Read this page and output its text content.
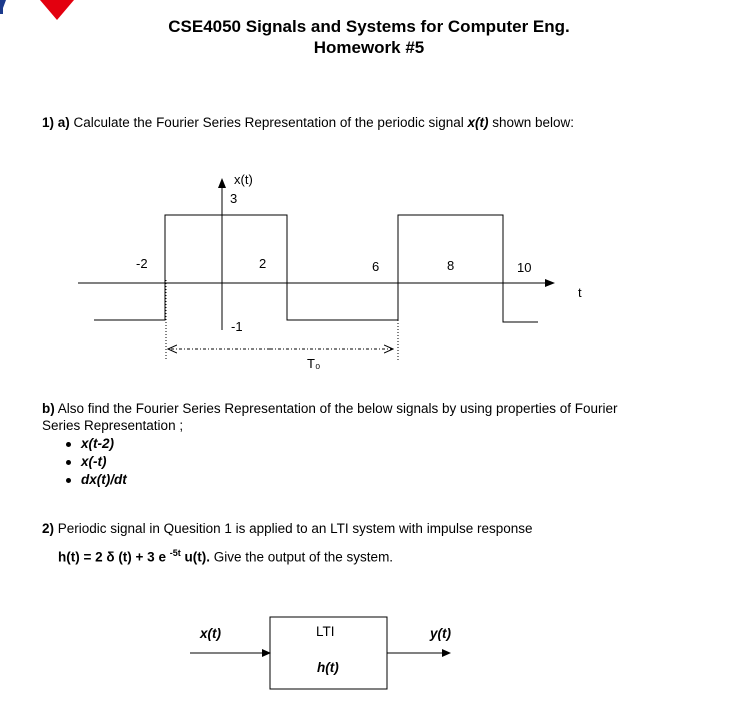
CSE4050 Signals and Systems for Computer Eng.
Homework #5
1) a) Calculate the Fourier Series Representation of the periodic signal x(t) shown below:
x(t)
3
-1
t
-2	2	6	8	10
T₀
b) Also find the Fourier Series Representation of the below signals by using properties of Fourier
Series Representation ;
x(t-2)
x(-t)
dx(t)/dt
2) Periodic signal in Quesition 1 is applied to an LTI system with impulse response
h(t) = 2 δ (t) + 3 e $^{-5t}$ u(t). Give the output of the system.
x(t)	LTI
h(t)
y(t)
